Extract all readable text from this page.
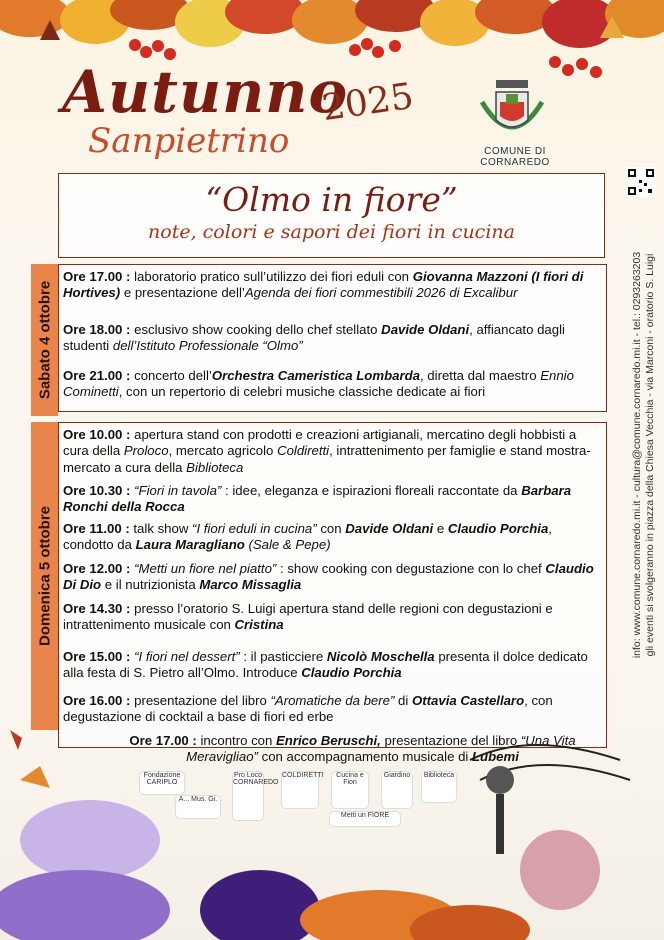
Autunno
Sanpietrino
2025
COMUNE DI CORNAREDO
info: www.comune.cornaredo.mi.it - cultura@comune.cornaredo.mi.it - tel.: 0293263203 gli eventi si svolgeranno in piazza della Chiesa Vecchia - via Marconi - oratorio S. Luigi
“Olmo in fiore”
note, colori e sapori dei fiori in cucina
Sabato 4 ottobre
Ore 17.00 : laboratorio pratico sull’utilizzo dei fiori eduli con Giovanna Mazzoni (I fiori di Hortives) e presentazione dell’Agenda dei fiori commestibili 2026 di Excalibur
Ore 18.00 : esclusivo show cooking dello chef stellato Davide Oldani, affiancato dagli studenti dell’Istituto Professionale “Olmo”
Ore 21.00 : concerto dell’Orchestra Cameristica Lombarda, diretta dal maestro Ennio Cominetti, con un repertorio di celebri musiche classiche dedicate ai fiori
Domenica 5 ottobre
Ore 10.00 : apertura stand con prodotti e creazioni artigianali, mercatino degli hobbisti a cura della Proloco, mercato agricolo Coldiretti, intrattenimento per famiglie e stand mostra-mercato a cura della Biblioteca
Ore 10.30 : “Fiori in tavola” : idee, eleganza e ispirazioni floreali raccontate da Barbara Ronchi della Rocca
Ore 11.00 : talk show “I fiori eduli in cucina” con Davide Oldani e Claudio Porchia, condotto da Laura Maragliano (Sale & Pepe)
Ore 12.00 : “Metti un fiore nel piatto” : show cooking con degustazione con lo chef Claudio Di Dio e il nutrizionista Marco Missaglia
Ore 14.30 : presso l’oratorio S. Luigi apertura stand delle regioni con degustazioni e intrattenimento musicale con Cristina
Ore 15.00 : “I fiori nel dessert” : il pasticciere Nicolò Moschella presenta il dolce dedicato alla festa di S. Pietro all’Olmo. Introduce Claudio Porchia
Ore 16.00 : presentazione del libro “Aromatiche da bere” di Ottavia Castellaro, con degustazione di cocktail a base di fiori ed erbe
Ore 17.00 : incontro con Enrico Beruschi, presentazione del libro “Una Vita Meravigliao” con accompagnamento musicale di Lubemi
Fondazione CARIPLO
A... Mus. Gi.
Pro Loco CORNAREDO
COLDIRETTI	Cucina e Fiori
Giardino Biblioteca
Metti un FIORE
